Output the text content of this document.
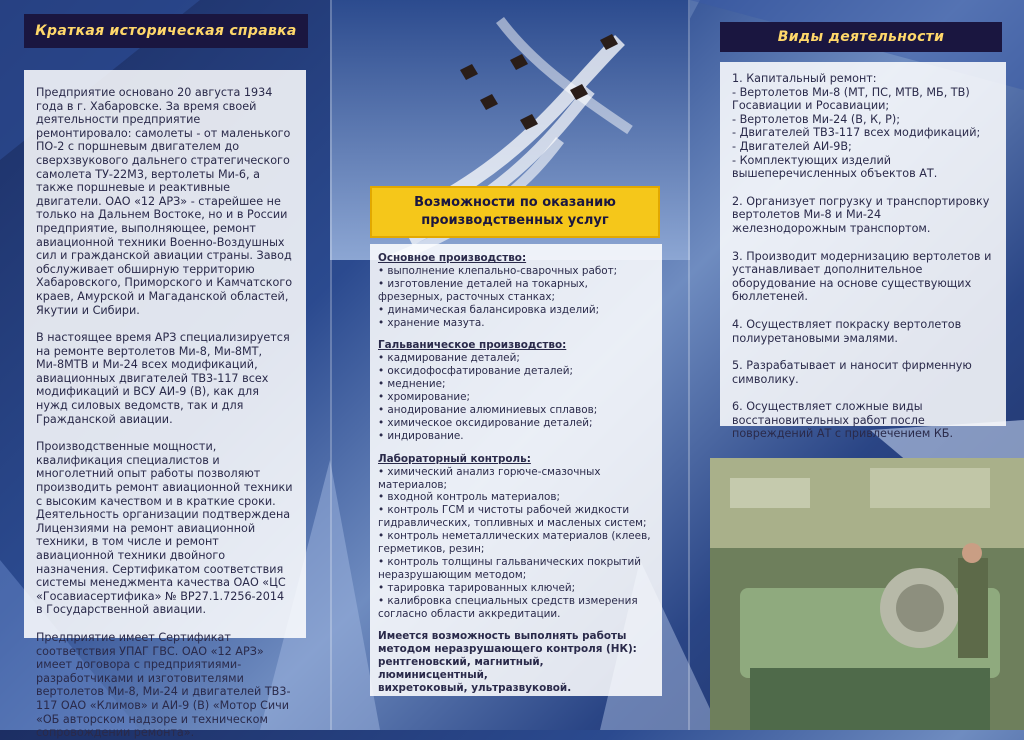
Краткая историческая справка

Предприятие основано 20 августа 1934 года в г. Хабаровске. За время своей деятельности предприятие ремонтировало: самолеты - от маленького ПО-2 с поршневым двигателем до сверхзвукового дальнего стратегического самолета ТУ-22М3, вертолеты Ми-6, а также поршневые и реактивные двигатели. ОАО «12 АРЗ» - старейшее не только на Дальнем Востоке, но и в России предприятие, выполняющее, ремонт авиационной техники Военно-Воздушных сил и гражданской авиации страны. Завод обслуживает обширную территорию Хабаровского, Приморского и Камчатского краев, Амурской и Магаданской областей, Якутии и Сибири.

В настоящее время АРЗ специализируется на ремонте вертолетов Ми-8, Ми-8МТ, Ми-8МТВ и Ми-24 всех модификаций, авиационных двигателей ТВ3-117 всех модификаций и ВСУ АИ-9 (В), как для нужд силовых ведомств, так и для Гражданской авиации.

Производственные мощности, квалификация специалистов и многолетний опыт работы позволяют производить ремонт авиационной техники с высоким качеством и в краткие сроки. Деятельность организации подтверждена Лицензиями на ремонт авиационной техники, в том числе и ремонт авиационной техники двойного назначения. Сертификатом соответствия системы менеджмента качества ОАО «ЦС «Госавиасертифика» № ВР27.1.7256-2014 в Государственной авиации.

Предприятие имеет Сертификат соответствия УПАГ ГВС. ОАО «12 АРЗ» имеет договора с предприятиями-разработчиками и изготовителями вертолетов Ми-8, Ми-24 и двигателей ТВ3-117 ОАО «Климов» и АИ-9 (В) «Мотор Сичи «ОБ авторском надзоре и техническом сопровождении ремонта».

Возможности по оказанию
производственных услуг
Основное производство:
• выполнение клепально-сварочных работ;
• изготовление деталей на токарных, фрезерных, расточных станках;
• динамическая балансировка изделий;
• хранение мазута.
Гальваническое производство:
• кадмирование деталей;
• оксидофосфатирование деталей;
• меднение;
• хромирование;
• анодирование алюминиевых сплавов;
• химическое оксидирование деталей;
• индирование.
Лабораторный контроль:
• химический анализ горюче-смазочных материалов;
• входной контроль материалов;
• контроль ГСМ и чистоты рабочей жидкости гидравлических, топливных и масленых систем;
• контроль неметаллических материалов (клеев, герметиков, резин;
• контроль толщины гальванических покрытий неразрушающим методом;
• тарировка тарированных ключей;
• калибровка специальных средств измерения согласно области аккредитации.
Имеется возможность выполнять работы
методом неразрушающего контроля (НК):
рентгеновский, магнитный, люминисцентный,
вихретоковый, ультразвуковой.
Виды деятельности

1. Капитальный ремонт:
- Вертолетов Ми-8 (МТ, ПС, МТВ, МБ, ТВ) Госавиации и Росавиации;
- Вертолетов Ми-24 (В, К, Р);
- Двигателей ТВ3-117 всех модификаций;
- Двигателей АИ-9В;
- Комплектующих изделий вышеперечисленных объектов АТ.

2. Организует погрузку и транспортировку вертолетов Ми-8 и Ми-24 железнодорожным транспортом.

3. Производит модернизацию вертолетов и устанавливает дополнительное оборудование на основе существующих бюллетеней.

4. Осуществляет покраску вертолетов полиуретановыми эмалями.

5. Разрабатывает и наносит фирменную символику.

6. Осуществляет сложные виды восстановительных работ после повреждений АТ с привлечением КБ.
